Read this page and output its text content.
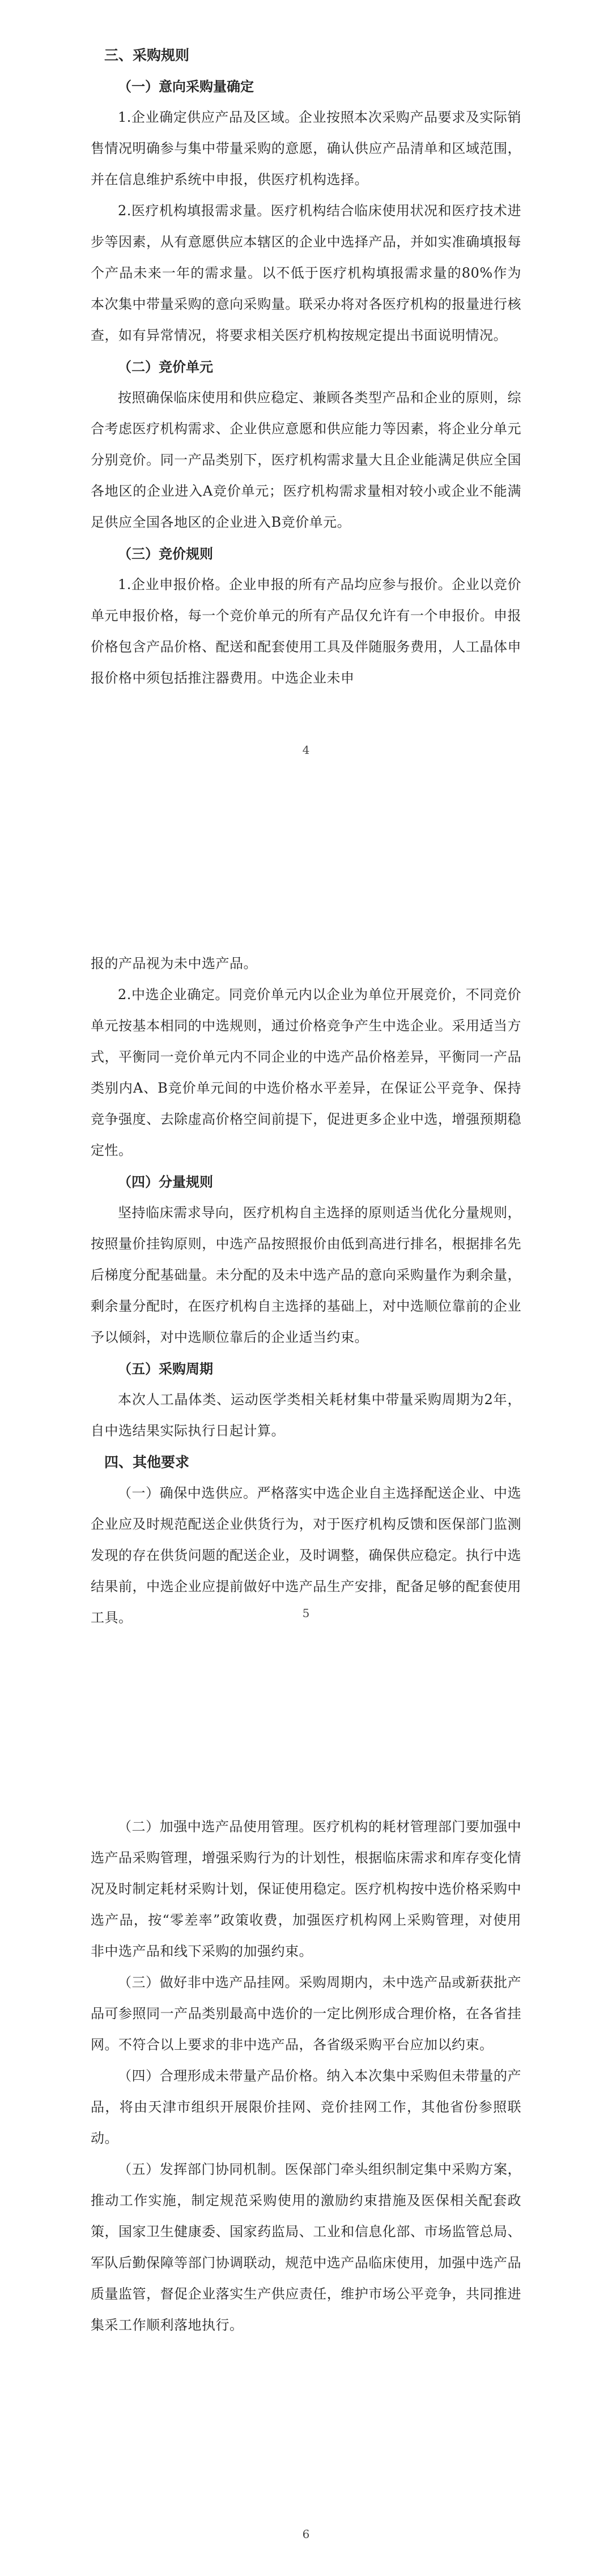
三、采购规则

（一）意向采购量确定

1.企业确定供应产品及区域。企业按照本次采购产品要求及实际销售情况明确参与集中带量采购的意愿，确认供应产品清单和区域范围，并在信息维护系统中申报，供医疗机构选择。

2.医疗机构填报需求量。医疗机构结合临床使用状况和医疗技术进步等因素，从有意愿供应本辖区的企业中选择产品，并如实准确填报每个产品未来一年的需求量。以不低于医疗机构填报需求量的80%作为本次集中带量采购的意向采购量。联采办将对各医疗机构的报量进行核查，如有异常情况，将要求相关医疗机构按规定提出书面说明情况。

（二）竞价单元

按照确保临床使用和供应稳定、兼顾各类型产品和企业的原则，综合考虑医疗机构需求、企业供应意愿和供应能力等因素，将企业分单元分别竞价。同一产品类别下，医疗机构需求量大且企业能满足供应全国各地区的企业进入A竞价单元；医疗机构需求量相对较小或企业不能满足供应全国各地区的企业进入B竞价单元。

（三）竞价规则

1.企业申报价格。企业申报的所有产品均应参与报价。企业以竞价单元申报价格，每一个竞价单元的所有产品仅允许有一个申报价。申报价格包含产品价格、配送和配套使用工具及伴随服务费用，人工晶体申报价格中须包括推注器费用。中选企业未申

4

报的产品视为未中选产品。

2.中选企业确定。同竞价单元内以企业为单位开展竞价，不同竞价单元按基本相同的中选规则，通过价格竞争产生中选企业。采用适当方式，平衡同一竞价单元内不同企业的中选产品价格差异，平衡同一产品类别内A、B竞价单元间的中选价格水平差异，在保证公平竞争、保持竞争强度、去除虚高价格空间前提下，促进更多企业中选，增强预期稳定性。

（四）分量规则

坚持临床需求导向，医疗机构自主选择的原则适当优化分量规则，按照量价挂钩原则，中选产品按照报价由低到高进行排名，根据排名先后梯度分配基础量。未分配的及未中选产品的意向采购量作为剩余量，剩余量分配时，在医疗机构自主选择的基础上，对中选顺位靠前的企业予以倾斜，对中选顺位靠后的企业适当约束。

（五）采购周期

本次人工晶体类、运动医学类相关耗材集中带量采购周期为2年，自中选结果实际执行日起计算。

四、其他要求

（一）确保中选供应。严格落实中选企业自主选择配送企业、中选企业应及时规范配送企业供货行为，对于医疗机构反馈和医保部门监测发现的存在供货问题的配送企业，及时调整，确保供应稳定。执行中选结果前，中选企业应提前做好中选产品生产安排，配备足够的配套使用工具。	5

（二）加强中选产品使用管理。医疗机构的耗材管理部门要加强中选产品采购管理，增强采购行为的计划性，根据临床需求和库存变化情况及时制定耗材采购计划，保证使用稳定。医疗机构按中选价格采购中选产品，按“零差率”政策收费，加强医疗机构网上采购管理，对使用非中选产品和线下采购的加强约束。

（三）做好非中选产品挂网。采购周期内，未中选产品或新获批产品可参照同一产品类别最高中选价的一定比例形成合理价格，在各省挂网。不符合以上要求的非中选产品，各省级采购平台应加以约束。

（四）合理形成未带量产品价格。纳入本次集中采购但未带量的产品，将由天津市组织开展限价挂网、竞价挂网工作，其他省份参照联动。

（五）发挥部门协同机制。医保部门牵头组织制定集中采购方案，推动工作实施，制定规范采购使用的激励约束措施及医保相关配套政策，国家卫生健康委、国家药监局、工业和信息化部、市场监管总局、军队后勤保障等部门协调联动，规范中选产品临床使用，加强中选产品质量监管，督促企业落实生产供应责任，维护市场公平竞争，共同推进集采工作顺利落地执行。

6
